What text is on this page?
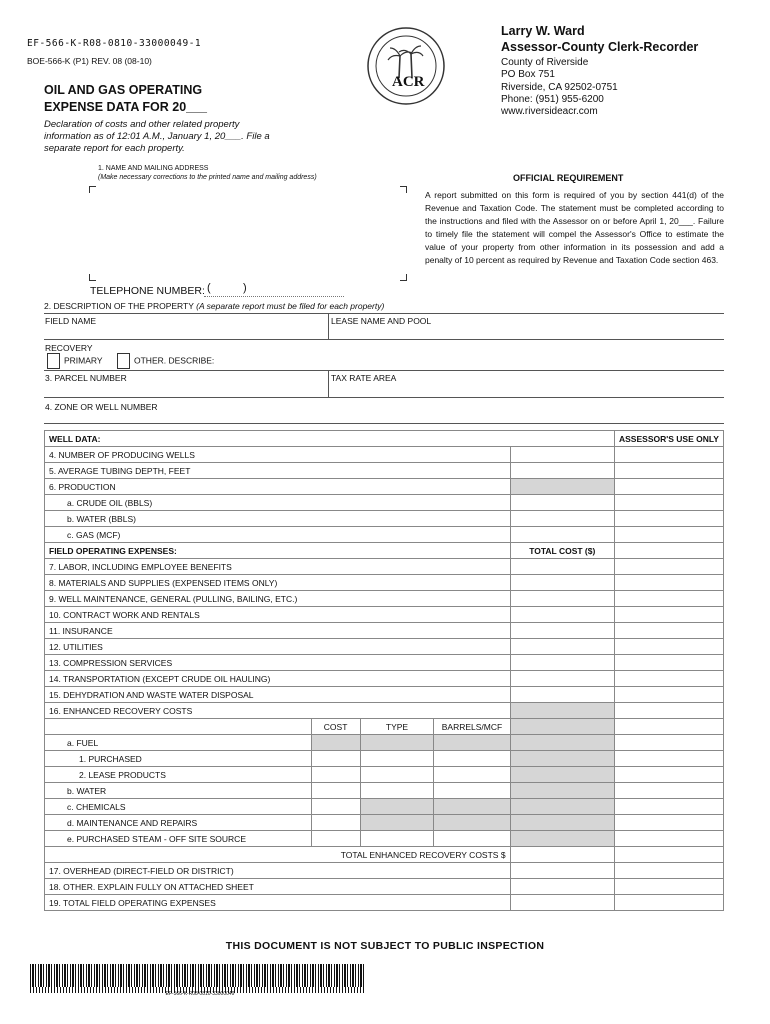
EF-566-K-R08-0810-33000049-1
BOE-566-K (P1) REV. 08 (08-10)
OIL AND GAS OPERATING
EXPENSE DATA FOR 20___
Declaration of costs and other related property information as of 12:01 A.M., January 1, 20___. File a separate report for each property.
ACR
Larry W. Ward
Assessor-County Clerk-Recorder
County of Riverside
PO Box 751
Riverside, CA 92502-0751
Phone: (951) 955-6200
www.riversideacr.com
1. NAME AND MAILING ADDRESS
(Make necessary corrections to the printed name and mailing address)
TELEPHONE NUMBER: (	)
OFFICIAL REQUIREMENT
A report submitted on this form is required of you by section 441(d) of the Revenue and Taxation Code. The statement must be completed according to the instructions and filed with the Assessor on or before April 1, 20___. Failure to timely file the statement will compel the Assessor's Office to estimate the value of your property from other information in its possession and add a penalty of 10 percent as required by Revenue and Taxation Code section 463.
2. DESCRIPTION OF THE PROPERTY (A separate report must be filed for each property)
FIELD NAME	LEASE NAME AND POOL
RECOVERY
PRIMARY	OTHER. DESCRIBE:
3. PARCEL NUMBER	TAX RATE AREA
4. ZONE OR WELL NUMBER
WELL DATA:					ASSESSOR'S USE ONLY
4. NUMBER OF PRODUCING WELLS					
5. AVERAGE TUBING DEPTH, FEET					
6. PRODUCTION					
a. CRUDE OIL (BBLS)					
b. WATER (BBLS)					
c. GAS (MCF)					
FIELD OPERATING EXPENSES:				TOTAL COST ($)	
7. LABOR, INCLUDING EMPLOYEE BENEFITS					
8. MATERIALS AND SUPPLIES (EXPENSED ITEMS ONLY)					
9. WELL MAINTENANCE, GENERAL (PULLING, BAILING, ETC.)					
10. CONTRACT WORK AND RENTALS					
11. INSURANCE					
12. UTILITIES					
13. COMPRESSION SERVICES					
14. TRANSPORTATION (EXCEPT CRUDE OIL HAULING)					
15. DEHYDRATION AND WASTE WATER DISPOSAL					
16. ENHANCED RECOVERY COSTS					
	COST	TYPE	BARRELS/MCF		
a. FUEL					
1. PURCHASED					
2. LEASE PRODUCTS					
b. WATER					
c. CHEMICALS					
d. MAINTENANCE AND REPAIRS					
e. PURCHASED STEAM - OFF SITE SOURCE					
TOTAL ENHANCED RECOVERY COSTS $					
17. OVERHEAD (DIRECT-FIELD OR DISTRICT)					
18. OTHER. EXPLAIN FULLY ON ATTACHED SHEET					
19. TOTAL FIELD OPERATING EXPENSES					
THIS DOCUMENT IS NOT SUBJECT TO PUBLIC INSPECTION
EF-566-K-R08-0810-33000049
